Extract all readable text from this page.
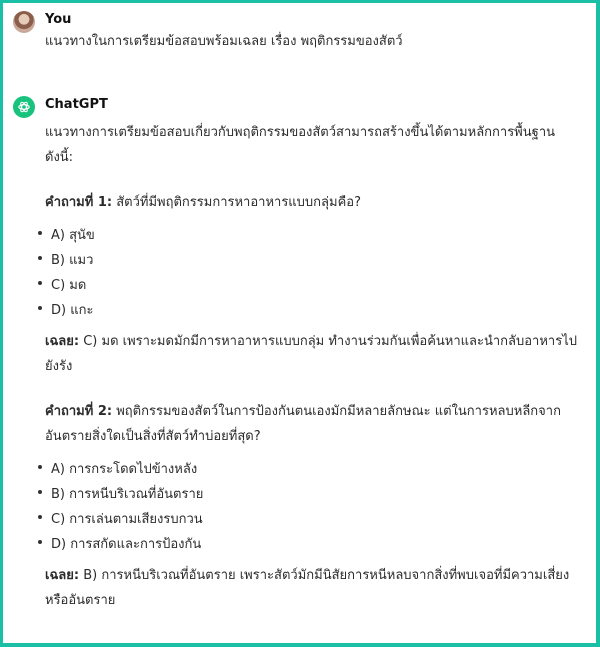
You
แนวทางในการเตรียมข้อสอบพร้อมเฉลย เรื่อง พฤติกรรมของสัตว์
ChatGPT
แนวทางการเตรียมข้อสอบเกี่ยวกับพฤติกรรมของสัตว์สามารถสร้างขึ้นได้ตามหลักการพื้นฐาน ดังนี้:
คำถามที่ 1: สัตว์ที่มีพฤติกรรมการหาอาหารแบบกลุ่มคือ?
A) สุนัข
B) แมว
C) มด
D) แกะ
เฉลย: C) มด เพราะมดมักมีการหาอาหารแบบกลุ่ม ทำงานร่วมกันเพื่อค้นหาและนำกลับอาหารไปยังรัง
คำถามที่ 2: พฤติกรรมของสัตว์ในการป้องกันตนเองมักมีหลายลักษณะ แต่ในการหลบหลีกจากอันตรายสิ่งใดเป็นสิ่งที่สัตว์ทำบ่อยที่สุด?
A) การกระโดดไปข้างหลัง
B) การหนีบริเวณที่อันตราย
C) การเล่นตามเสียงรบกวน
D) การสกัดและการป้องกัน
เฉลย: B) การหนีบริเวณที่อันตราย เพราะสัตว์มักมีนิสัยการหนีหลบจากสิ่งที่พบเจอที่มีความเสี่ยงหรืออันตราย
